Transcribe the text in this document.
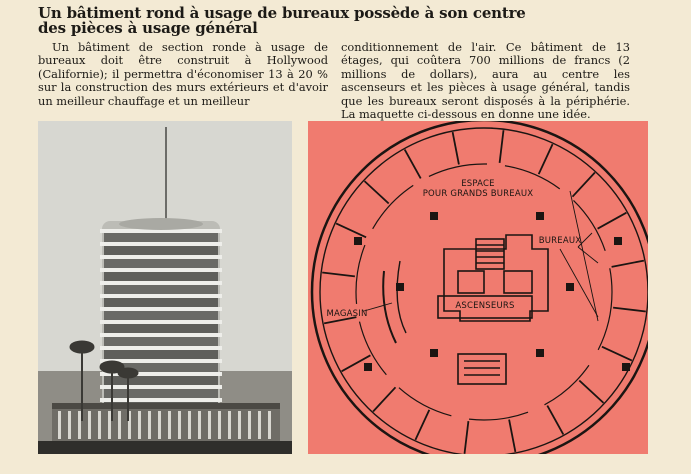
Un bâtiment rond à usage de bureaux possède à son centre
des pièces à usage général
Un bâtiment de section ronde à usage de bureaux doit être construit à Hollywood (Californie); il permettra d'économiser 13 à 20 % sur la construction des murs extérieurs et d'avoir un meilleur chauffage et un meilleur
conditionnement de l'air. Ce bâtiment de 13 étages, qui coûtera 700 millions de francs (2 millions de dollars), aura au centre les ascenseurs et les pièces à usage général, tandis que les bureaux seront disposés à la périphérie. La maquette ci-dessous en donne une idée.
ESPACE
POUR GRANDS BUREAUX
BUREAUX
MAGASIN
ASCENSEURS
